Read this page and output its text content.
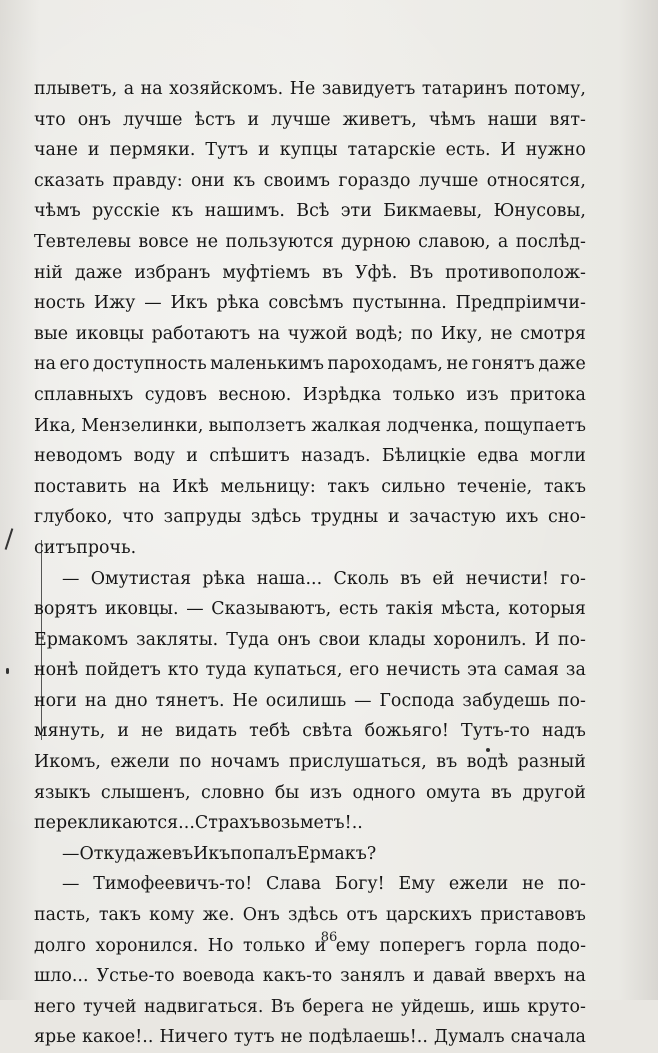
плыветъ, а на хозяйскомъ. Не завидуетъ татаринъ потому,
что онъ лучше ѣстъ и лучше живетъ, чѣмъ наши вят-
чане и пермяки. Тутъ и купцы татарскіе есть. И нужно
сказать правду: они къ своимъ гораздо лучше относятся,
чѣмъ русскіе къ нашимъ. Всѣ эти Бикмаевы, Юнусовы,
Тевтелевы вовсе не пользуются дурною славою, а послѣд-
ній даже избранъ муфтіемъ въ Уфѣ. Въ противополож-
ность Ижу — Икъ рѣка совсѣмъ пустынна. Предпріимчи-
вые иковцы работаютъ на чужой водѣ; по Ику, не смотря
на его доступность маленькимъ пароходамъ, не гонятъ даже
сплавныхъ судовъ весною. Изрѣдка только изъ притока
Ика, Мензелинки, выползетъ жалкая лодченка, пощупаетъ
неводомъ воду и спѣшитъ назадъ. Бѣлицкіе едва могли
поставить на Икѣ мельницу: такъ сильно теченіе, такъ
глубоко, что запруды здѣсь трудны и зачастую ихъ сно-
ситъ прочь.
— Омутистая рѣка наша... Сколь въ ей нечисти! го-
ворятъ иковцы. — Сказываютъ, есть такія мѣста, которыя
Ермакомъ закляты. Туда онъ свои клады хоронилъ. И по-
нонѣ пойдетъ кто туда купаться, его нечисть эта самая за
ноги на дно тянетъ. Не осилишь — Господа забудешь по-
мянуть, и не видать тебѣ свѣта божьяго! Тутъ-то надъ
Икомъ, ежели по ночамъ прислушаться, въ водѣ разный
языкъ слышенъ, словно бы изъ одного омута въ другой
перекликаются... Страхъ возьметъ!..
— Откуда же въ Икъ попалъ Ермакъ?
— Тимофеевичъ-то! Слава Богу! Ему ежели не по-
пасть, такъ кому же. Онъ здѣсь отъ царскихъ приставовъ
долго хоронился. Но только и ему поперегъ горла подо-
шло... Устье-то воевода какъ-то занялъ и давай вверхъ на
него тучей надвигаться. Въ берега не уйдешь, ишь круто-
ярье какое!.. Ничего тутъ не подѣлаешь!.. Думалъ сначала
86
